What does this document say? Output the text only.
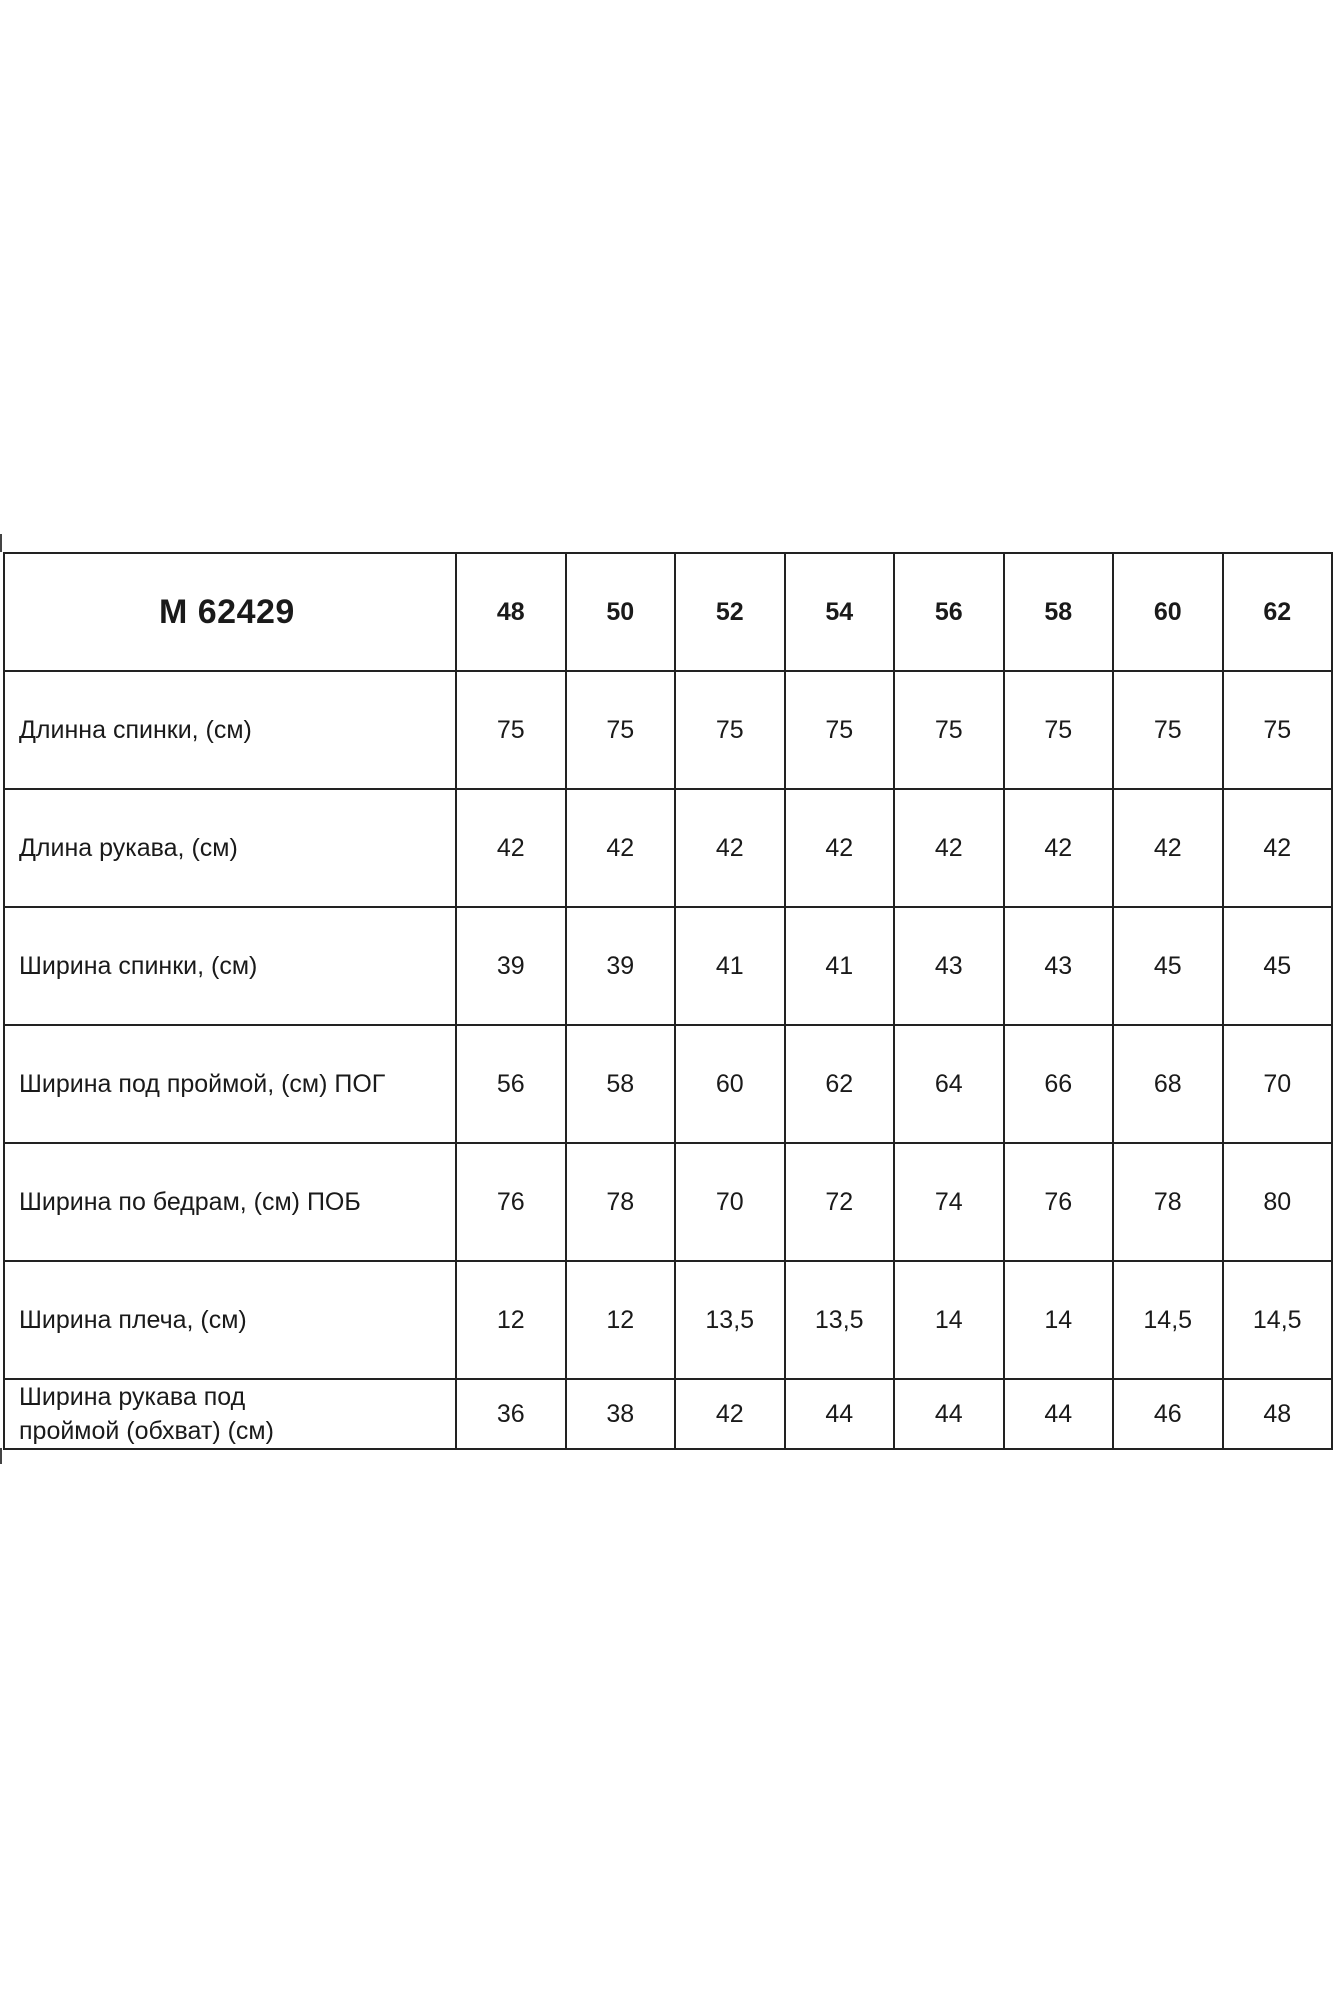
M 62429	48	50	52	54	56	58	60	62
Длинна спинки, (см)	75	75	75	75	75	75	75	75
Длина рукава, (см)	42	42	42	42	42	42	42	42
Ширина спинки, (см)	39	39	41	41	43	43	45	45
Ширина под проймой, (см) ПОГ	56	58	60	62	64	66	68	70
Ширина по бедрам, (см) ПОБ	76	78	70	72	74	76	78	80
Ширина плеча, (см)	12	12	13,5	13,5	14	14	14,5	14,5
Ширина рукава под
проймой (обхват) (см)	36	38	42	44	44	44	46	48
